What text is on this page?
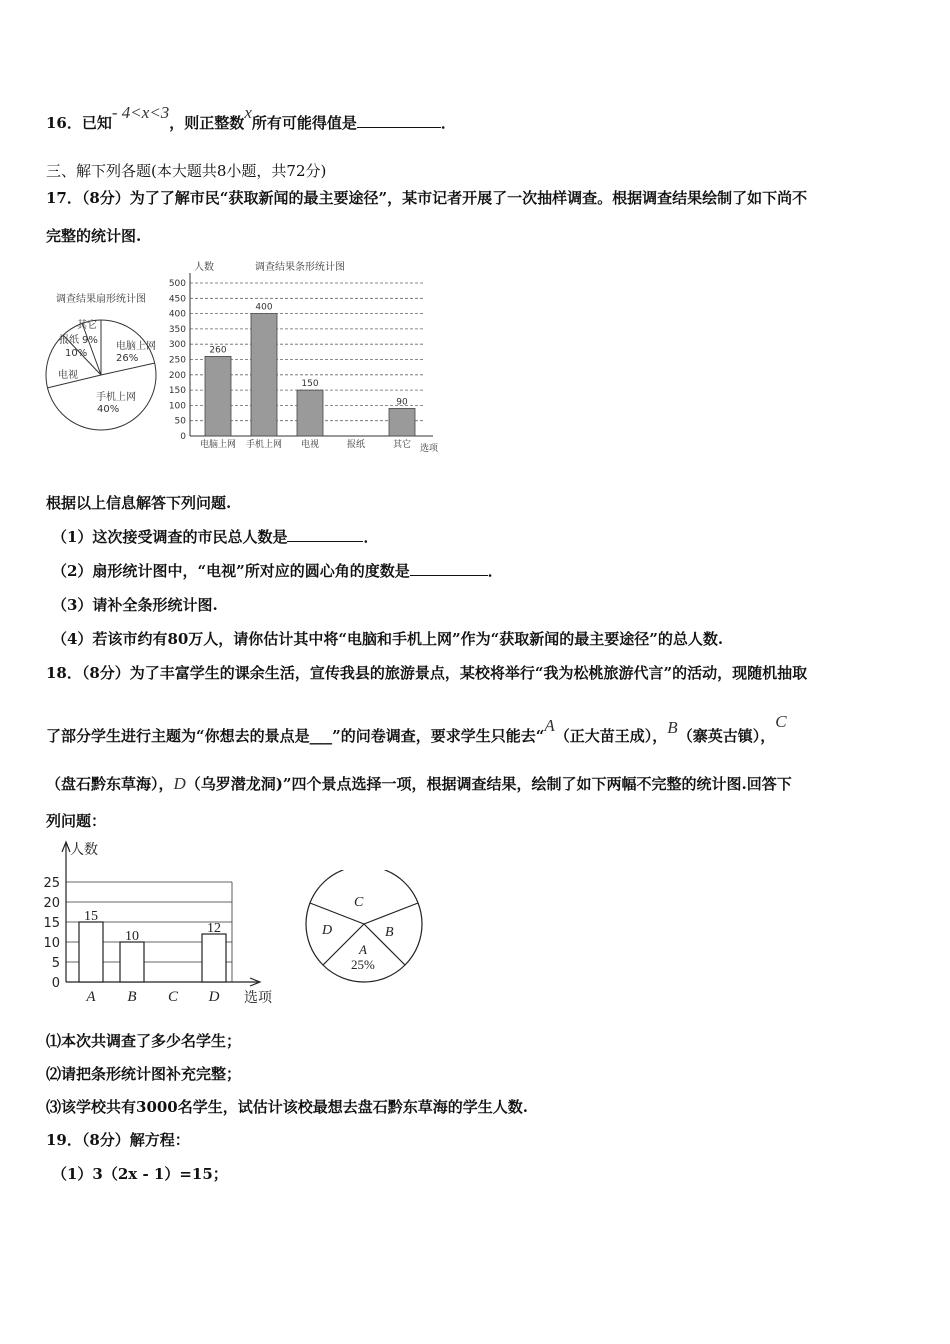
16．已知- 4<x<3，则正整数x所有可能得值是	．
三、解下列各题(本大题共8小题，共72分)
17．（8分）为了了解市民“获取新闻的最主要途径”，某市记者开展了一次抽样调查。根据调查结果绘制了如下尚不
完整的统计图.
调查结果扇形统计图
其它
报纸 9%
10%
电脑上网
26%
电视
手机上网
40%
人数	调查结果条形统计图
0
50
100
150
200
250
300
350
400
450
500
260
电脑上网
400
手机上网
150
电视	报纸
90
其它 选项
根据以上信息解答下列问题.
（1）这次接受调查的市民总人数是	．
（2）扇形统计图中，“电视”所对应的圆心角的度数是	．
（3）请补全条形统计图.
（4）若该市约有80万人，请你估计其中将“电脑和手机上网”作为“获取新闻的最主要途径”的总人数.
18．（8分）为了丰富学生的课余生活，宣传我县的旅游景点，某校将举行“我为松桃旅游代言”的活动，现随机抽取
了部分学生进行主题为“你想去的景点是___”的问卷调查，要求学生只能去“A（正大苗王成），B（寨英古镇），C
（盘石黔东草海），D（乌罗潜龙洞)”四个景点选择一项，根据调查结果，绘制了如下两幅不完整的统计图.回答下
列问题：
人数
0
5
10
15
20
25
15
A
10
B C
12
D 选项
C
D	B
A
25%
⑴本次共调查了多少名学生；
⑵请把条形统计图补充完整；
⑶该学校共有3000名学生，试估计该校最想去盘石黔东草海的学生人数.
19．（8分）解方程：
（1）3（2x - 1）=15；
